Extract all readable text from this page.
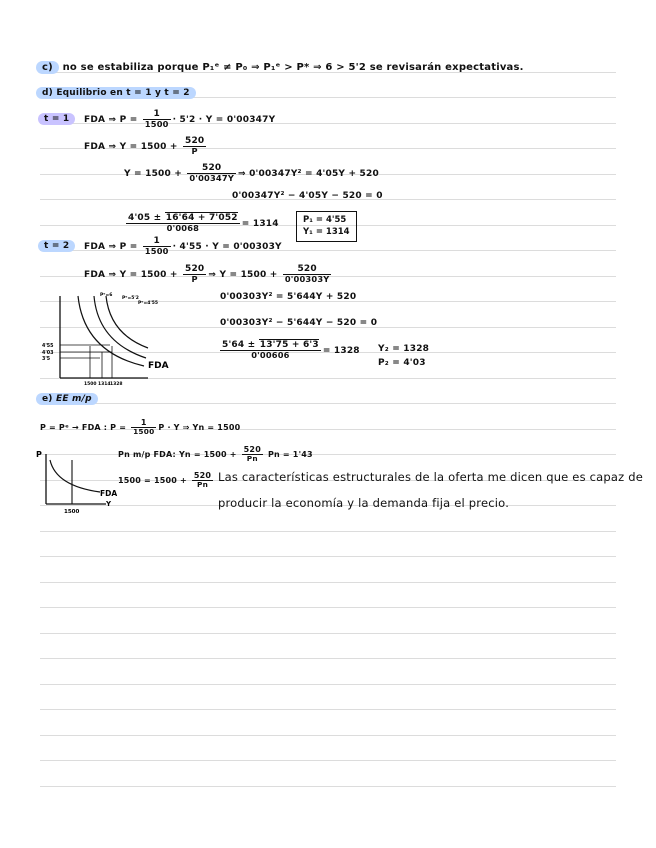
c) no se estabiliza porque P₁ᵉ ≠ P₀ ⇒ P₁ᵉ > P* ⇒ 6 > 5'2 se revisarán expectativas.
d) Equilibrio en t = 1 y t = 2
t = 1	FDA ⇒ $P = \frac{1}{1500} \cdot 5'2 \cdot Y = 0'00347Y$
FDA ⇒ $Y = 1500 + \frac{520}{P}$
$Y = 1500 + \frac{520}{0'00347Y}$ ⇒ 0'00347Y² = 4'05Y + 520
0'00347Y² − 4'05Y − 520 = 0
$\frac{4'05 \pm 16'64 + 7'052}{0'0068} = 1314$	P₁ = 4'55
Y₁ = 1314
t = 2	FDA ⇒ $P = \frac{1}{1500} \cdot 4'55 \cdot Y = 0'00303Y$
FDA ⇒ $Y = 1500 + \frac{520}{P}$ ⇒ $Y = 1500 + \frac{520}{0'00303Y}$
0'00303Y² = 5'644Y + 520
0'00303Y² − 5'644Y − 520 = 0
$\frac{5'64 \pm 13'75 + 6'3}{0'00606} = 1328$ Y₂ = 1328
P₂ = 4'03
Pᵉ=6
Pᵉ=5'2
Pᵉ=4'55
4'55
4'03
3'5
1500 1314 1328
FDA
e) EE m/p
P = Pᵉ → FDA : $P = \frac{1}{1500}$ P · Y ⇒ Yn = 1500
Pn m/p FDA: $Yn = 1500 + \frac{520}{Pn}$ Pn = 1'43
$1500 = 1500 + \frac{520}{Pn}$ Las características estructurales de la oferta me dicen que es capaz de
producir la economía y la demanda fija el precio.
P
Y
FDA
1500
